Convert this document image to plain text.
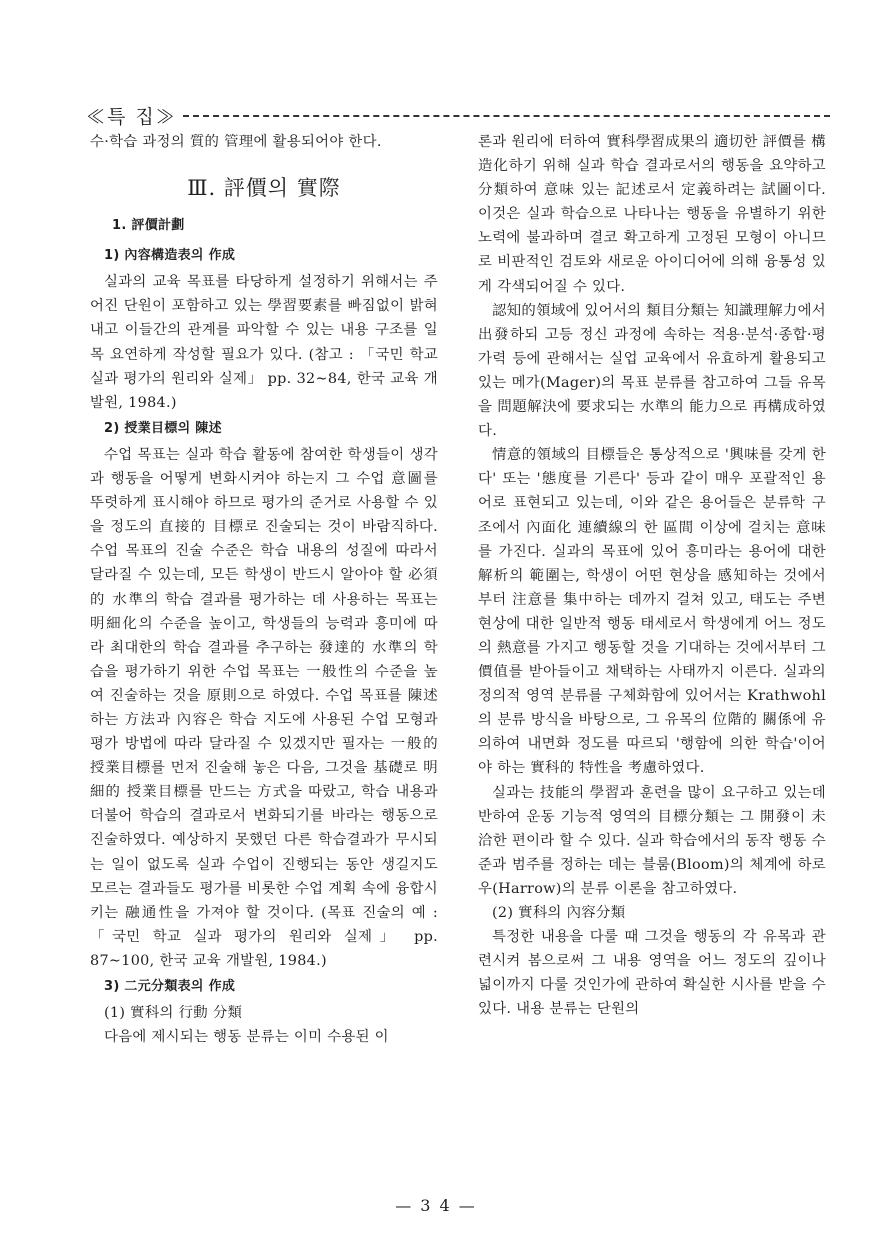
≪특 집≫

수·학습 과정의 質的 管理에 활용되어야 한다.

Ⅲ. 評價의 實際
1. 評價計劃
1) 內容構造表의 作成

실과의 교육 목표를 타당하게 설정하기 위해서는 주어진 단원이 포함하고 있는 學習要素를 빠짐없이 밝혀 내고 이들간의 관계를 파악할 수 있는 내용 구조를 일목 요연하게 작성할 필요가 있다. (참고 : 「국민 학교 실과 평가의 원리와 실제」 pp. 32∼84, 한국 교육 개발원, 1984.)

2) 授業目標의 陳述

수업 목표는 실과 학습 활동에 참여한 학생들이 생각과 행동을 어떻게 변화시켜야 하는지 그 수업 意圖를 뚜렷하게 표시해야 하므로 평가의 준거로 사용할 수 있을 정도의 直接的 目標로 진술되는 것이 바람직하다. 수업 목표의 진술 수준은 학습 내용의 성질에 따라서 달라질 수 있는데, 모든 학생이 반드시 알아야 할 必須的 水準의 학습 결과를 평가하는 데 사용하는 목표는 明細化의 수준을 높이고, 학생들의 능력과 흥미에 따라 최대한의 학습 결과를 추구하는 發達的 水準의 학습을 평가하기 위한 수업 목표는 一般性의 수준을 높여 진술하는 것을 原則으로 하였다. 수업 목표를 陳述하는 方法과 內容은 학습 지도에 사용된 수업 모형과 평가 방법에 따라 달라질 수 있겠지만 필자는 一般的 授業目標를 먼저 진술해 놓은 다음, 그것을 基礎로 明細的 授業目標를 만드는 方式을 따랐고, 학습 내용과 더불어 학습의 결과로서 변화되기를 바라는 행동으로 진술하였다. 예상하지 못했던 다른 학습결과가 무시되는 일이 없도록 실과 수업이 진행되는 동안 생길지도 모르는 결과들도 평가를 비롯한 수업 계획 속에 융합시키는 融通性을 가져야 할 것이다. (목표 진술의 예 : 「국민 학교 실과 평가의 원리와 실제」 pp. 87∼100, 한국 교육 개발원, 1984.)

3) 二元分類表의 作成
(1) 實科의 行動 分類

다음에 제시되는 행동 분류는 이미 수용된 이

론과 원리에 터하여 實科學習成果의 適切한 評價를 構造化하기 위해 실과 학습 결과로서의 행동을 요약하고 分類하여 意味 있는 記述로서 定義하려는 試圖이다. 이것은 실과 학습으로 나타나는 행동을 유별하기 위한 노력에 불과하며 결코 확고하게 고정된 모형이 아니므로 비판적인 검토와 새로운 아이디어에 의해 융통성 있게 각색되어질 수 있다.

認知的領域에 있어서의 類目分類는 知識理解力에서 出發하되 고등 정신 과정에 속하는 적용·분석·종합·평가력 등에 관해서는 실업 교육에서 유효하게 활용되고 있는 메가(Mager)의 목표 분류를 참고하여 그들 유목을 問題解決에 要求되는 水準의 能力으로 再構成하였다.

情意的領域의 目標들은 통상적으로 '興味를 갖게 한다' 또는 '態度를 기른다' 등과 같이 매우 포괄적인 용어로 표현되고 있는데, 이와 같은 용어들은 분류학 구조에서 內面化 連續線의 한 區間 이상에 걸치는 意味를 가진다. 실과의 목표에 있어 흥미라는 용어에 대한 解析의 範圍는, 학생이 어떤 현상을 感知하는 것에서부터 注意를 集中하는 데까지 걸쳐 있고, 태도는 주변 현상에 대한 일반적 행동 태세로서 학생에게 어느 정도의 熱意를 가지고 행동할 것을 기대하는 것에서부터 그 價值를 받아들이고 채택하는 사태까지 이른다. 실과의 정의적 영역 분류를 구체화함에 있어서는 Krathwohl의 분류 방식을 바탕으로, 그 유목의 位階的 關係에 유의하여 내면화 정도를 따르되 '행함에 의한 학습'이어야 하는 實科的 特性을 考慮하였다.

실과는 技能의 學習과 훈련을 많이 요구하고 있는데 반하여 운동 기능적 영역의 目標分類는 그 開發이 未洽한 편이라 할 수 있다. 실과 학습에서의 동작 행동 수준과 범주를 정하는 데는 블룸(Bloom)의 체계에 하로우(Harrow)의 분류 이론을 참고하였다.

(2) 實科의 內容分類

특정한 내용을 다룰 때 그것을 행동의 각 유목과 관련시켜 봄으로써 그 내용 영역을 어느 정도의 깊이나 넓이까지 다룰 것인가에 관하여 확실한 시사를 받을 수 있다. 내용 분류는 단원의

— 3 4 —
